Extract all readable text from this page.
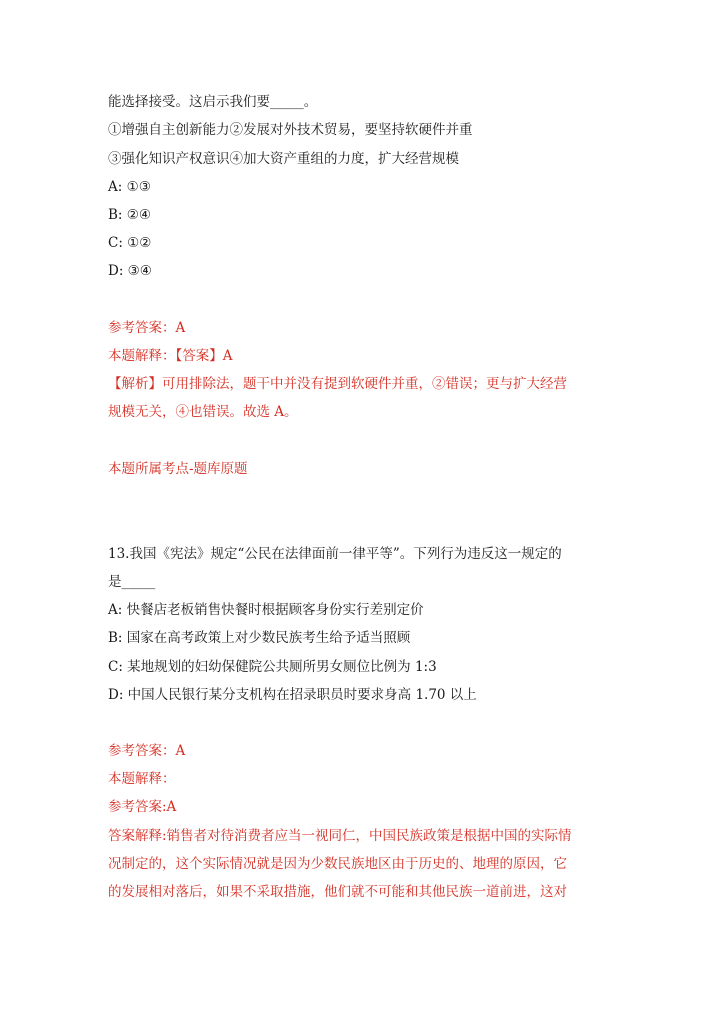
能选择接受。这启示我们要_____。
①增强自主创新能力②发展对外技术贸易，要坚持软硬件并重
③强化知识产权意识④加大资产重组的力度，扩大经营规模
A: ①③
B: ②④
C: ①②
D: ③④
参考答案：A
本题解释：【答案】A
【解析】可用排除法，题干中并没有提到软硬件并重，②错误；更与扩大经营
规模无关，④也错误。故选 A。
本题所属考点-题库原题
13.我国《宪法》规定“公民在法律面前一律平等”。下列行为违反这一规定的
是_____
A: 快餐店老板销售快餐时根据顾客身份实行差别定价
B: 国家在高考政策上对少数民族考生给予适当照顾
C: 某地规划的妇幼保健院公共厕所男女厕位比例为 1:3
D: 中国人民银行某分支机构在招录职员时要求身高 1.70 以上
参考答案：A
本题解释：
参考答案:A
答案解释:销售者对待消费者应当一视同仁，中国民族政策是根据中国的实际情
况制定的，这个实际情况就是因为少数民族地区由于历史的、地理的原因，它
的发展相对落后，如果不采取措施，他们就不可能和其他民族一道前进，这对
